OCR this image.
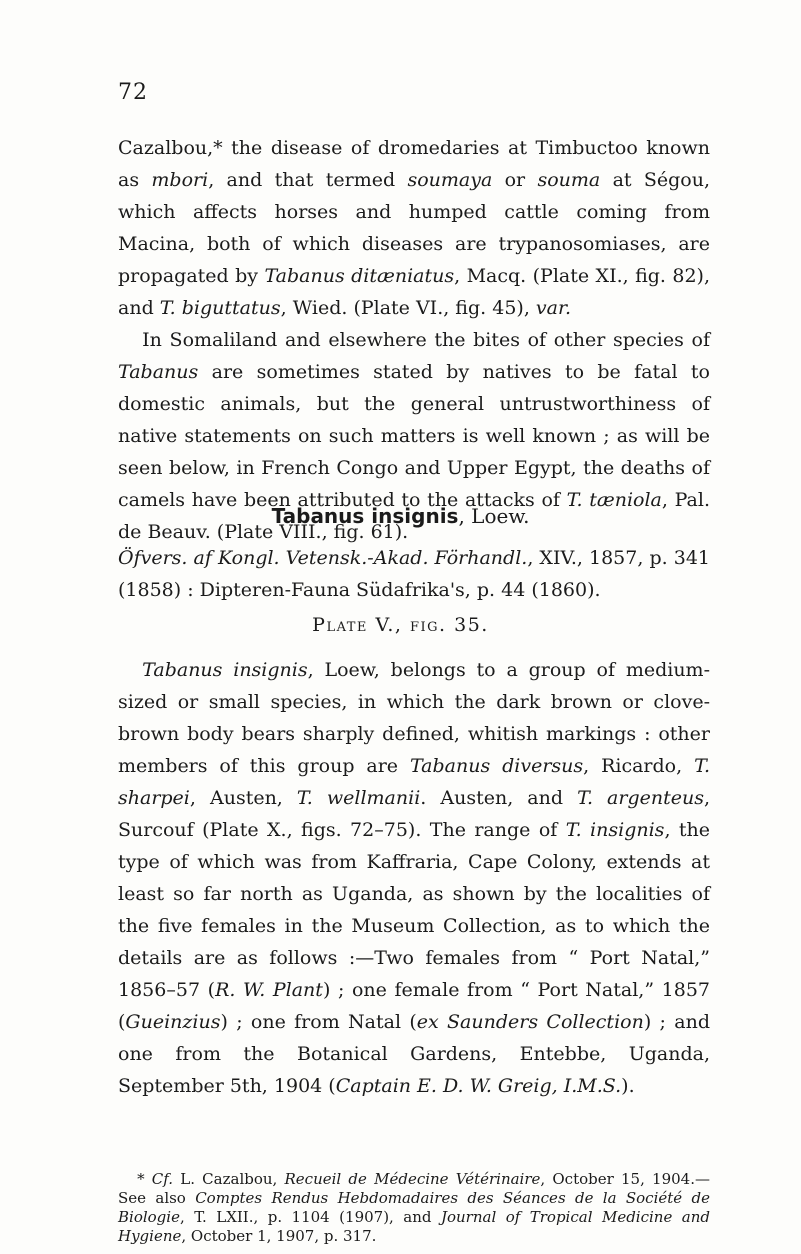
72

Cazalbou,* the disease of dromedaries at Timbuctoo known as mbori, and that termed soumaya or souma at Ségou, which affects horses and humped cattle coming from Macina, both of which diseases are trypanosomiases, are propagated by Tabanus ditæniatus, Macq. (Plate XI., fig. 82), and T. biguttatus, Wied. (Plate VI., fig. 45), var.

In Somaliland and elsewhere the bites of other species of Tabanus are sometimes stated by natives to be fatal to domestic animals, but the general untrustworthiness of native statements on such matters is well known ; as will be seen below, in French Congo and Upper Egypt, the deaths of camels have been attributed to the attacks of T. tæniola, Pal. de Beauv. (Plate VIII., fig. 61).

Tabanus insignis, Loew.

Öfvers. af Kongl. Vetensk.-Akad. Förhandl., XIV., 1857, p. 341 (1858) : Dipteren-Fauna Südafrika's, p. 44 (1860).

Plate V., fig. 35.

Tabanus insignis, Loew, belongs to a group of medium-sized or small species, in which the dark brown or clove-brown body bears sharply defined, whitish markings : other members of this group are Tabanus diversus, Ricardo, T. sharpei, Austen, T. wellmanii. Austen, and T. argenteus, Surcouf (Plate X., figs. 72–75). The range of T. insignis, the type of which was from Kaffraria, Cape Colony, extends at least so far north as Uganda, as shown by the localities of the five females in the Museum Collection, as to which the details are as follows :—Two females from “ Port Natal,” 1856–57 (R. W. Plant) ; one female from “ Port Natal,” 1857 (Gueinzius) ; one from Natal (ex Saunders Collection) ; and one from the Botanical Gardens, Entebbe, Uganda, September 5th, 1904 (Captain E. D. W. Greig, I.M.S.).

* Cf. L. Cazalbou, Recueil de Médecine Vétérinaire, October 15, 1904.—See also Comptes Rendus Hebdomadaires des Séances de la Société de Biologie, T. LXII., p. 1104 (1907), and Journal of Tropical Medicine and Hygiene, October 1, 1907, p. 317.
